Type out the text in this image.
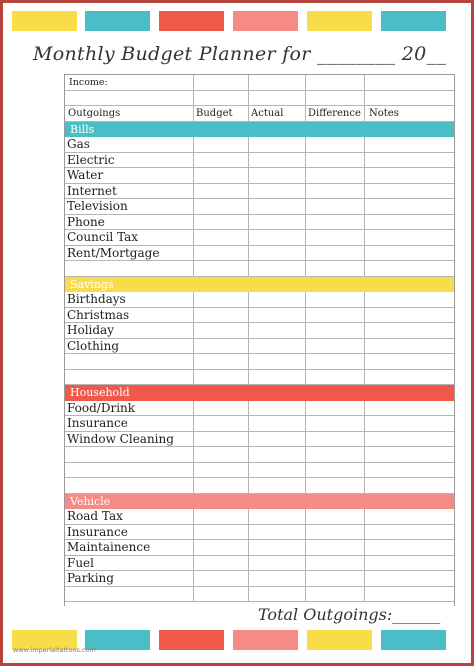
Monthly Budget Planner for ________ 20__
Income:
Outgoings	Budget Actual Difference Notes
Bills
Gas
Electric
Water
Internet
Television
Phone
Council Tax
Rent/Mortgage
Savings
Birthdays
Christmas
Holiday
Clothing
Household
Food/Drink
Insurance
Window Cleaning
Vehicle
Road Tax
Insurance
Maintainence
Fuel
Parking
Total Outgoings:______
www.imperialtattoos.com
